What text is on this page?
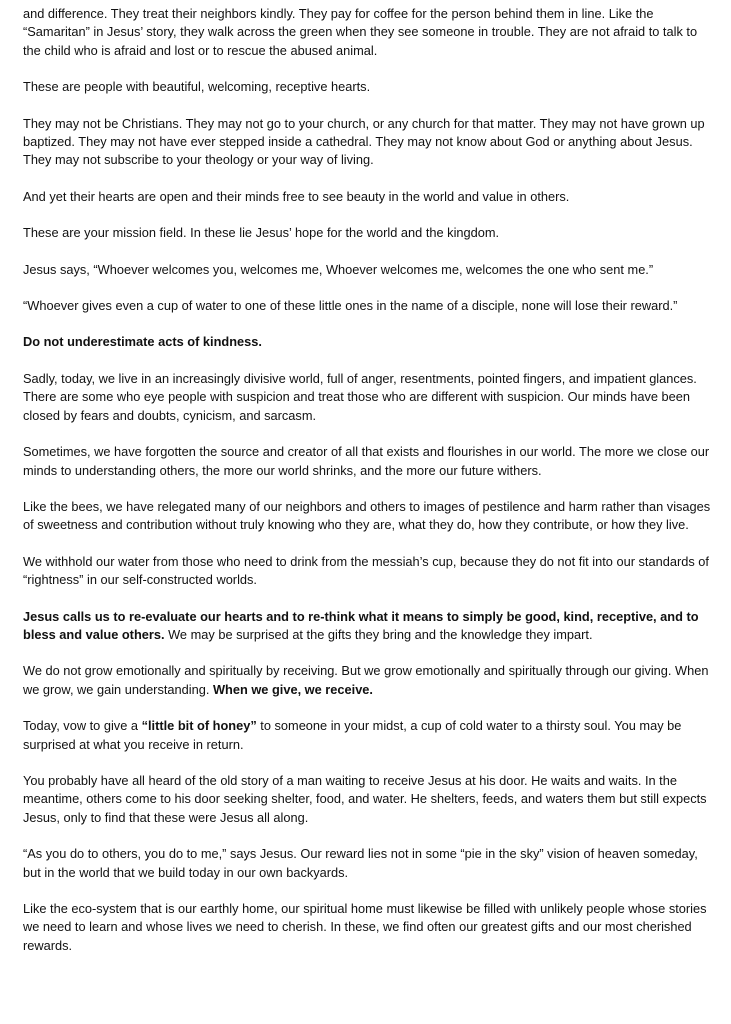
and difference. They treat their neighbors kindly. They pay for coffee for the person behind them in line. Like the “Samaritan” in Jesus’ story, they walk across the green when they see someone in trouble. They are not afraid to talk to the child who is afraid and lost or to rescue the abused animal.

These are people with beautiful, welcoming, receptive hearts.

They may not be Christians. They may not go to your church, or any church for that matter. They may not have grown up baptized. They may not have ever stepped inside a cathedral. They may not know about God or anything about Jesus. They may not subscribe to your theology or your way of living.

And yet their hearts are open and their minds free to see beauty in the world and value in others.

These are your mission field. In these lie Jesus’ hope for the world and the kingdom.

Jesus says, “Whoever welcomes you, welcomes me, Whoever welcomes me, welcomes the one who sent me.”

“Whoever gives even a cup of water to one of these little ones in the name of a disciple, none will lose their reward.”

Do not underestimate acts of kindness.

Sadly, today, we live in an increasingly divisive world, full of anger, resentments, pointed fingers, and impatient glances. There are some who eye people with suspicion and treat those who are different with suspicion. Our minds have been closed by fears and doubts, cynicism, and sarcasm.

Sometimes, we have forgotten the source and creator of all that exists and flourishes in our world. The more we close our minds to understanding others, the more our world shrinks, and the more our future withers.

Like the bees, we have relegated many of our neighbors and others to images of pestilence and harm rather than visages of sweetness and contribution without truly knowing who they are, what they do, how they contribute, or how they live.

We withhold our water from those who need to drink from the messiah’s cup, because they do not fit into our standards of “rightness” in our self-constructed worlds.

Jesus calls us to re-evaluate our hearts and to re-think what it means to simply be good, kind, receptive, and to bless and value others. We may be surprised at the gifts they bring and the knowledge they impart.

We do not grow emotionally and spiritually by receiving. But we grow emotionally and spiritually through our giving. When we grow, we gain understanding. When we give, we receive.

Today, vow to give a “little bit of honey” to someone in your midst, a cup of cold water to a thirsty soul. You may be surprised at what you receive in return.

You probably have all heard of the old story of a man waiting to receive Jesus at his door. He waits and waits. In the meantime, others come to his door seeking shelter, food, and water. He shelters, feeds, and waters them but still expects Jesus, only to find that these were Jesus all along.

“As you do to others, you do to me,” says Jesus. Our reward lies not in some “pie in the sky” vision of heaven someday, but in the world that we build today in our own backyards.

Like the eco-system that is our earthly home, our spiritual home must likewise be filled with unlikely people whose stories we need to learn and whose lives we need to cherish. In these, we find often our greatest gifts and our most cherished rewards.
